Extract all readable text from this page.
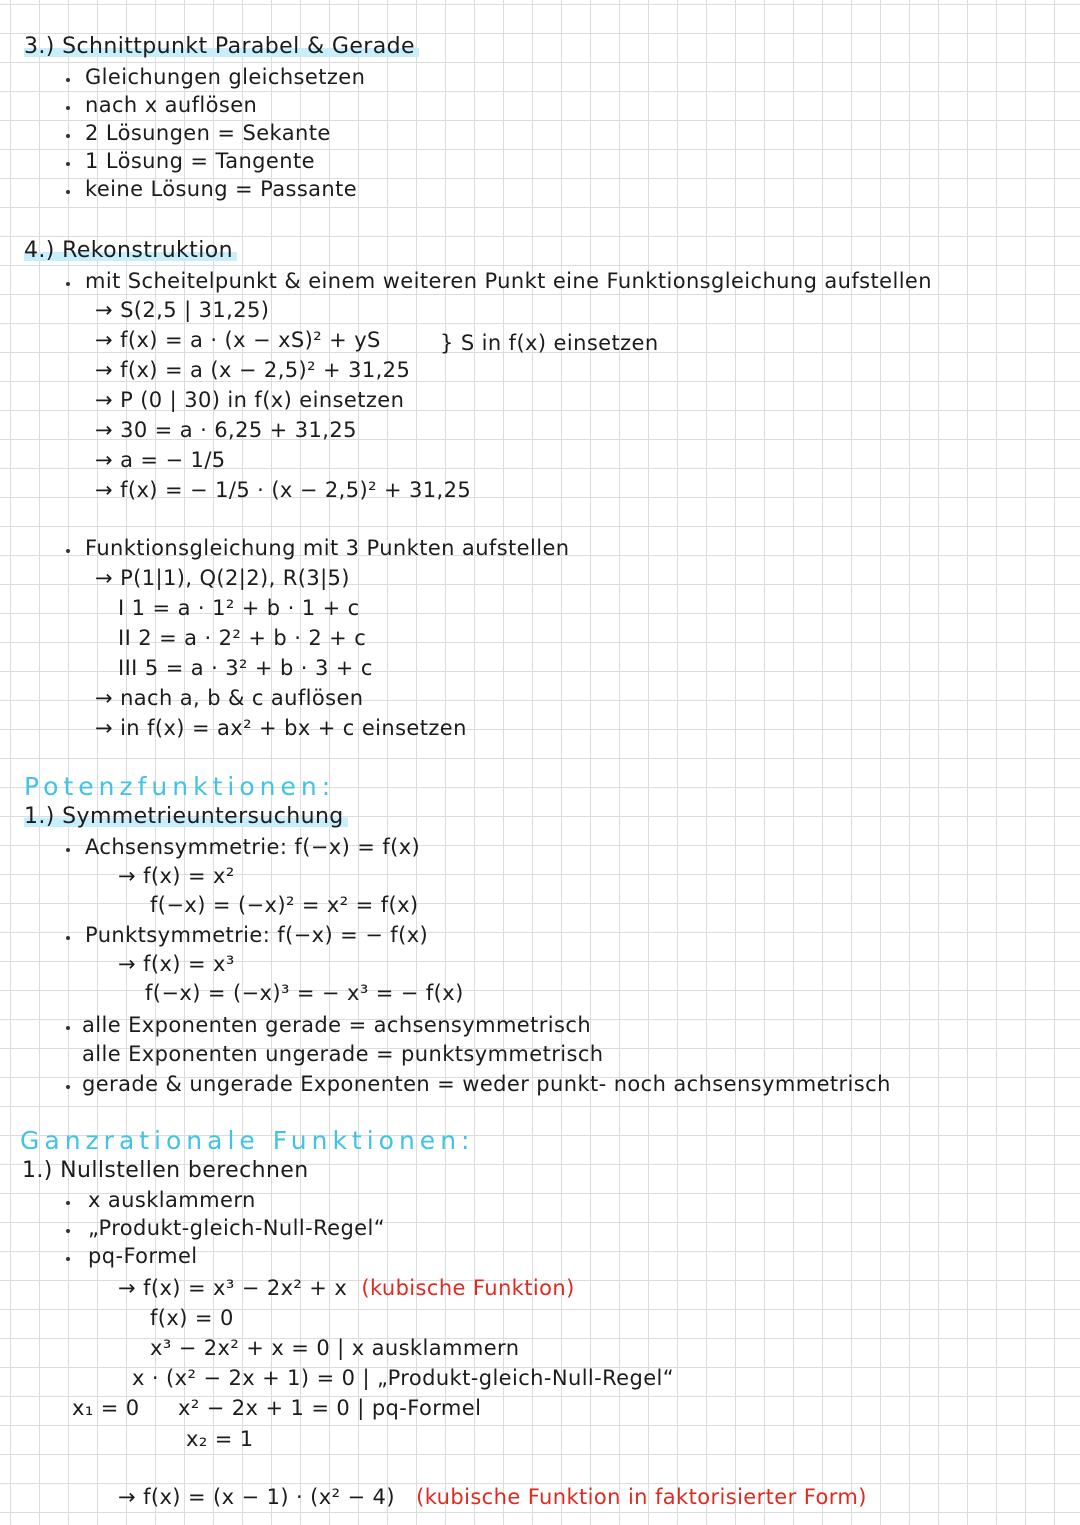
3.) Schnittpunkt Parabel & Gerade
Gleichungen gleichsetzen
nach x auflösen
2 Lösungen = Sekante
1 Lösung = Tangente
keine Lösung = Passante
4.) Rekonstruktion
mit Scheitelpunkt & einem weiteren Punkt eine Funktionsgleichung aufstellen
→ S(2,5 | 31,25)
→ f(x) = a · (x − xS)² + yS	} S in f(x) einsetzen
→ f(x) = a (x − 2,5)² + 31,25
→ P (0 | 30) in f(x) einsetzen
→ 30 = a · 6,25 + 31,25
→ a = − 1/5
→ f(x) = − 1/5 · (x − 2,5)² + 31,25
Funktionsgleichung mit 3 Punkten aufstellen
→ P(1|1), Q(2|2), R(3|5)
I 1 = a · 1² + b · 1 + c
II 2 = a · 2² + b · 2 + c
III 5 = a · 3² + b · 3 + c
→ nach a, b & c auflösen
→ in f(x) = ax² + bx + c einsetzen
Potenzfunktionen:
1.) Symmetrieuntersuchung
Achsensymmetrie: f(−x) = f(x)
→ f(x) = x²
f(−x) = (−x)² = x² = f(x)
Punktsymmetrie: f(−x) = − f(x)
→ f(x) = x³
f(−x) = (−x)³ = − x³ = − f(x)
alle Exponenten gerade = achsensymmetrisch
alle Exponenten ungerade = punktsymmetrisch
gerade & ungerade Exponenten = weder punkt- noch achsensymmetrisch
Ganzrationale Funktionen:
1.) Nullstellen berechnen
x ausklammern
„Produkt-gleich-Null-Regel“
pq-Formel
→ f(x) = x³ − 2x² + x (kubische Funktion)
f(x) = 0
x³ − 2x² + x = 0 | x ausklammern
x · (x² − 2x + 1) = 0 | „Produkt-gleich-Null-Regel“
x₁ = 0 x² − 2x + 1 = 0 | pq-Formel
x₂ = 1
→ f(x) = (x − 1) · (x² − 4) (kubische Funktion in faktorisierter Form)
